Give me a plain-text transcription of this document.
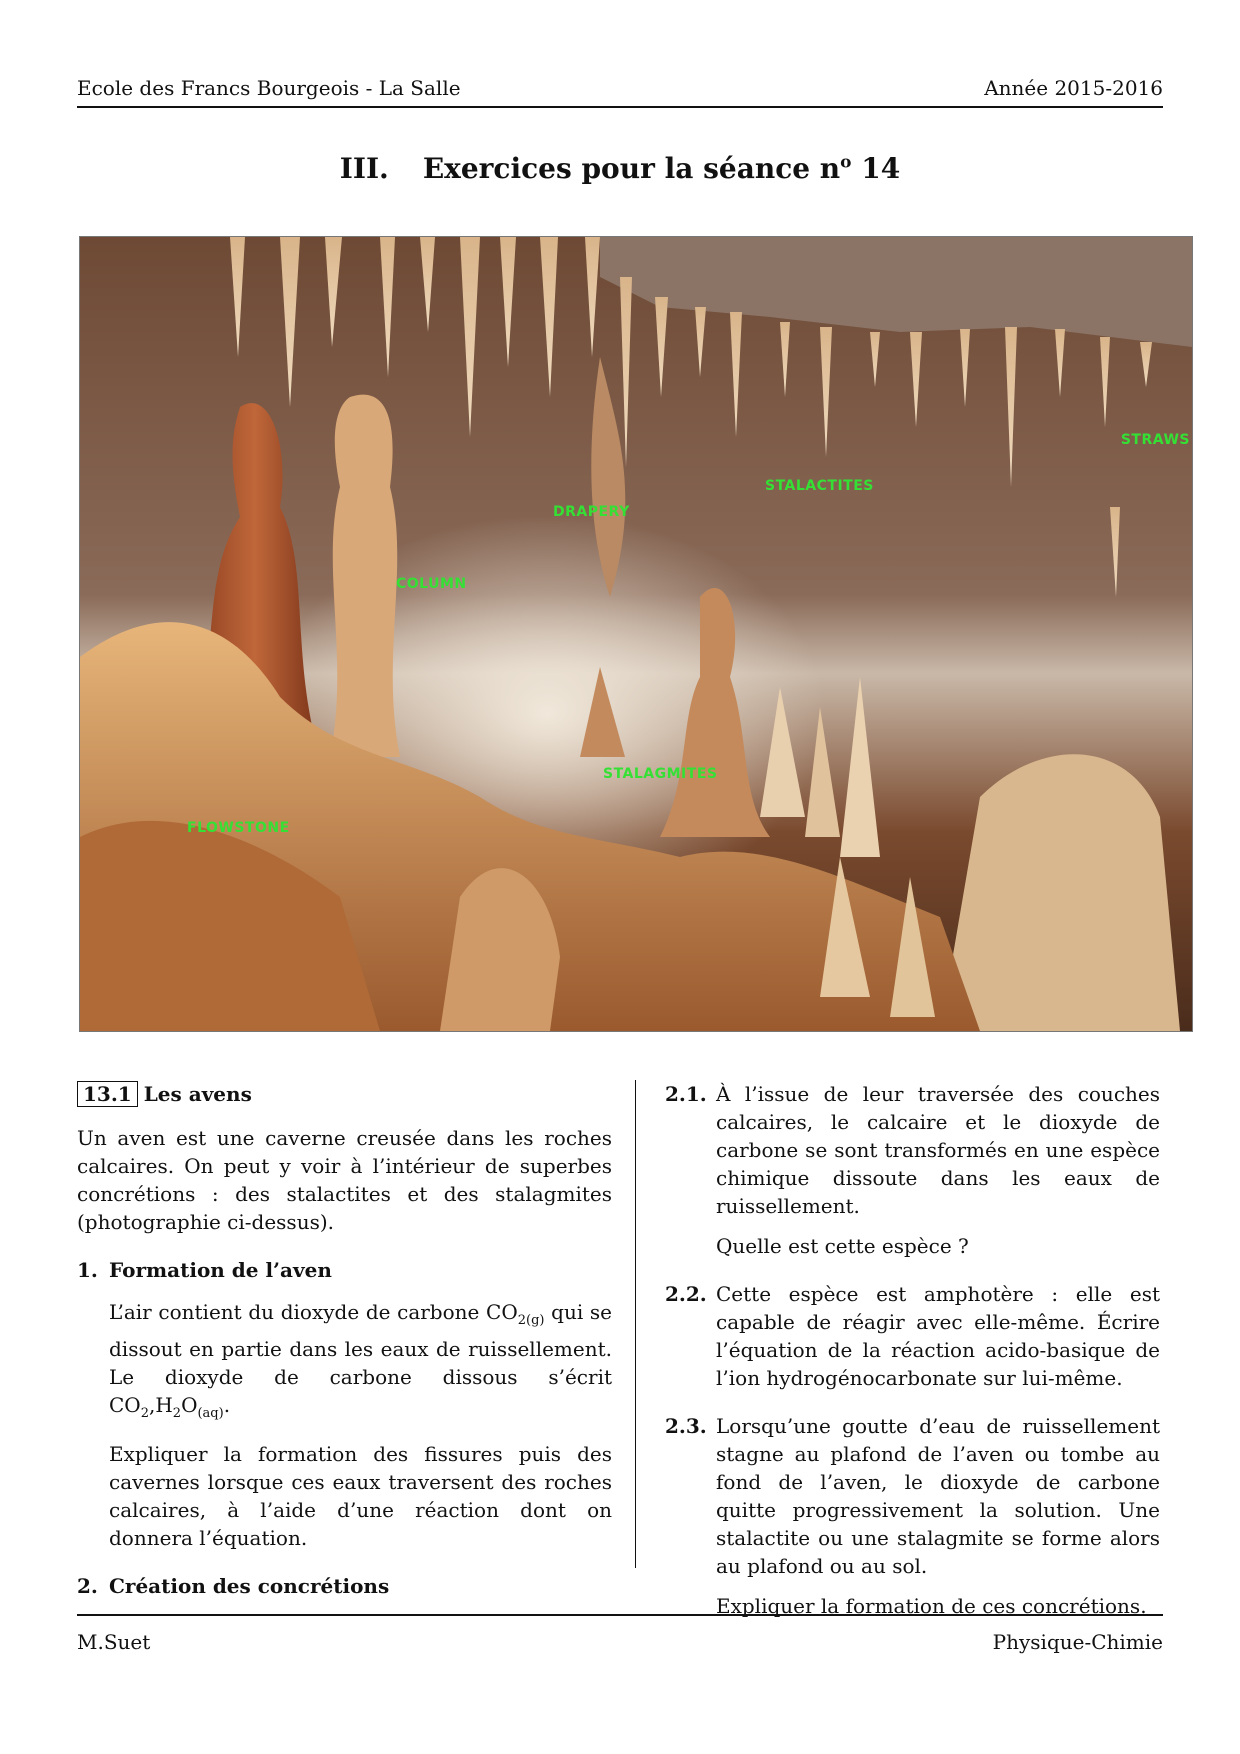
Ecole des Francs Bourgeois - La Salle	Année 2015-2016
III. Exercices pour la séance $n^o$ 14
STRAWS
STALACTITES
DRAPERY
COLUMN
STALAGMITES
FLOWSTONE
13.1 Les avens

Un aven est une caverne creusée dans les roches calcaires. On peut y voir à l’intérieur de superbes concrétions : des stalactites et des stalagmites (photographie ci-dessus).

1. Formation de l’aven

L’air contient du dioxyde de carbone $CO_{2(g)}$ qui se dissout en partie dans les eaux de ruissellement. Le dioxyde de carbone dissous s’écrit $CO_2,H_2O_{(aq)}$.

Expliquer la formation des fissures puis des cavernes lorsque ces eaux traversent des roches calcaires, à l’aide d’une réaction dont on donnera l’équation.

2. Création des concrétions
2.1. À l’issue de leur traversée des couches calcaires, le calcaire et le dioxyde de carbone se sont transformés en une espèce chimique dissoute dans les eaux de ruissellement.

Quelle est cette espèce ?

2.2. Cette espèce est amphotère : elle est capable de réagir avec elle-même. Écrire l’équation de la réaction acido-basique de l’ion hydrogénocarbonate sur lui-même.

2.3. Lorsqu’une goutte d’eau de ruissellement stagne au plafond de l’aven ou tombe au fond de l’aven, le dioxyde de carbone quitte progressivement la solution. Une stalactite ou une stalagmite se forme alors au plafond ou au sol.

Expliquer la formation de ces concrétions.

M.Suet	Physique-Chimie
